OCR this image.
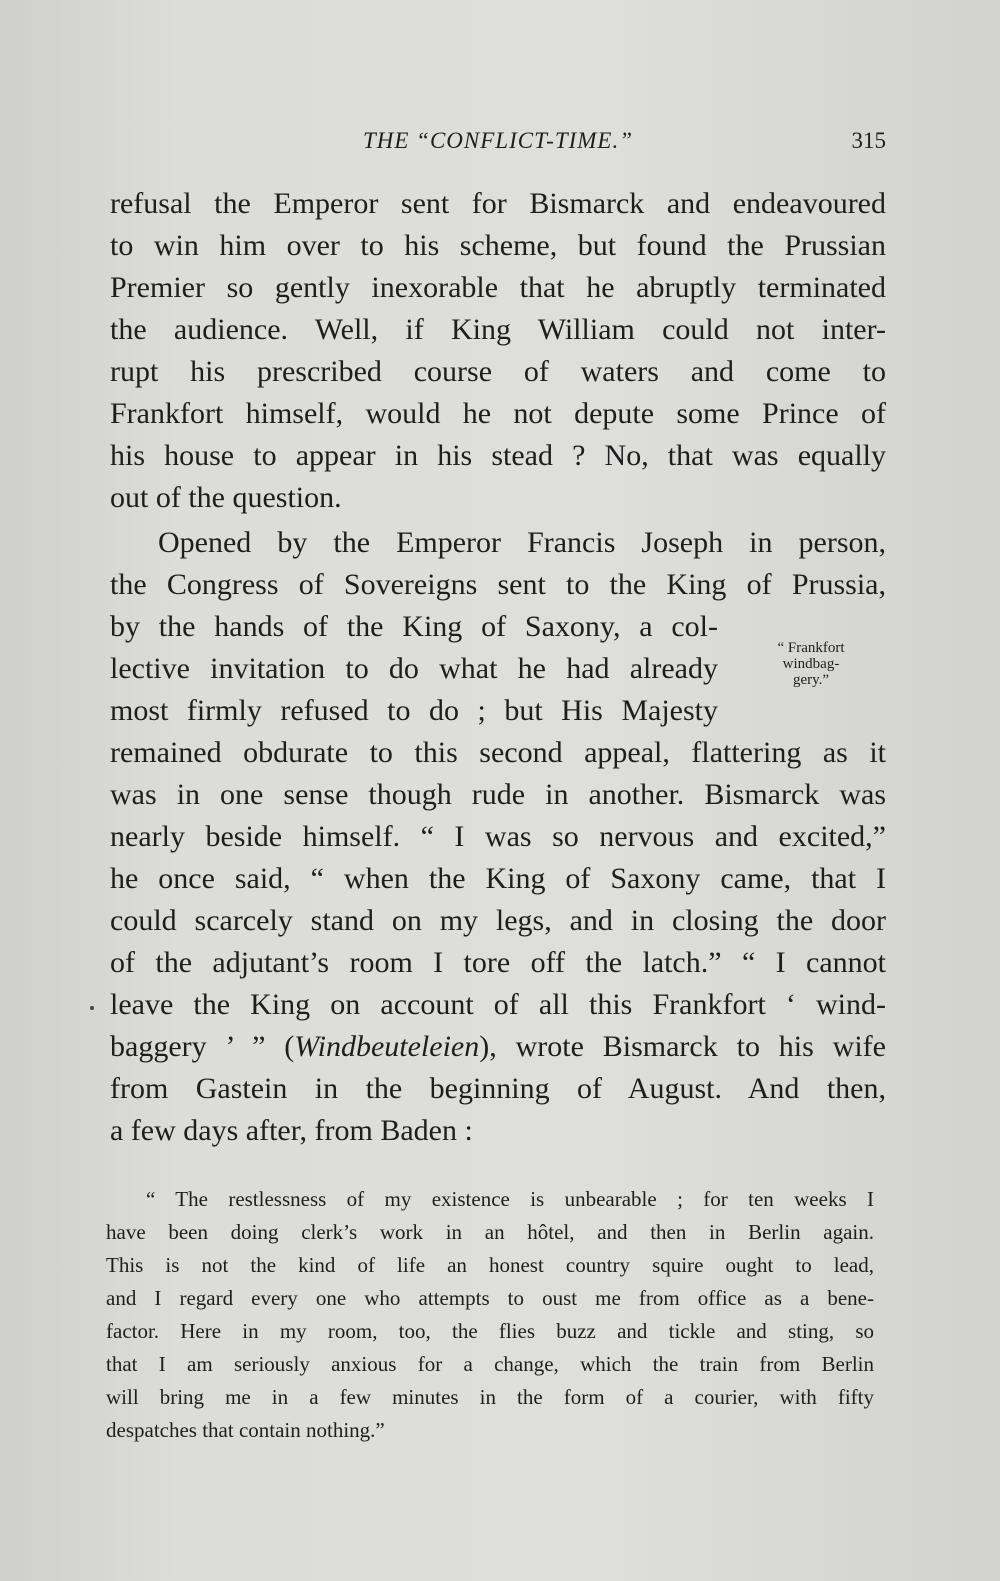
THE “CONFLICT-TIME.”	315
refusal the Emperor sent for Bismarck and endeavoured
to win him over to his scheme, but found the Prussian
Premier so gently inexorable that he abruptly terminated
the audience. Well, if King William could not inter-
rupt his prescribed course of waters and come to
Frankfort himself, would he not depute some Prince of
his house to appear in his stead ? No, that was equally
out of the question.
Opened by the Emperor Francis Joseph in person,
the Congress of Sovereigns sent to the King of Prussia,
by the hands of the King of Saxony, a col-
lective invitation to do what he had already
most firmly refused to do ; but His Majesty
remained obdurate to this second appeal, flattering as it
was in one sense though rude in another. Bismarck was
nearly beside himself. “ I was so nervous and excited,”
he once said, “ when the King of Saxony came, that I
could scarcely stand on my legs, and in closing the door
of the adjutant’s room I tore off the latch.” “ I cannot
leave the King on account of all this Frankfort ‘ wind-
baggery ’ ” (Windbeuteleien), wrote Bismarck to his wife
from Gastein in the beginning of August. And then,
a few days after, from Baden :
“ Frankfort
windbag-
gery.”
“ The restlessness of my existence is unbearable ; for ten weeks I
have been doing clerk’s work in an hôtel, and then in Berlin again.
This is not the kind of life an honest country squire ought to lead,
and I regard every one who attempts to oust me from office as a bene-
factor. Here in my room, too, the flies buzz and tickle and sting, so
that I am seriously anxious for a change, which the train from Berlin
will bring me in a few minutes in the form of a courier, with fifty
despatches that contain nothing.”
